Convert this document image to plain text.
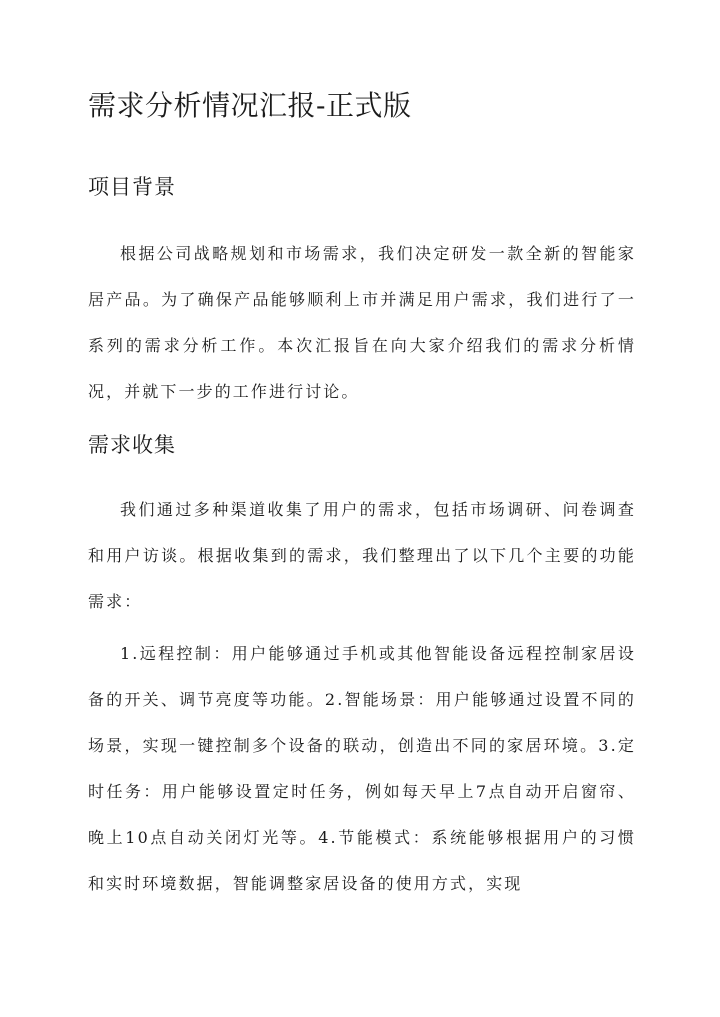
需求分析情况汇报-正式版
项目背景

根据公司战略规划和市场需求，我们决定研发一款全新的智能家居产品。为了确保产品能够顺利上市并满足用户需求，我们进行了一系列的需求分析工作。本次汇报旨在向大家介绍我们的需求分析情况，并就下一步的工作进行讨论。

需求收集

我们通过多种渠道收集了用户的需求，包括市场调研、问卷调查和用户访谈。根据收集到的需求，我们整理出了以下几个主要的功能需求：

1.远程控制：用户能够通过手机或其他智能设备远程控制家居设备的开关、调节亮度等功能。2.智能场景：用户能够通过设置不同的场景，实现一键控制多个设备的联动，创造出不同的家居环境。3.定时任务：用户能够设置定时任务，例如每天早上7点自动开启窗帘、晚上10点自动关闭灯光等。4.节能模式：系统能够根据用户的习惯和实时环境数据，智能调整家居设备的使用方式，实现
